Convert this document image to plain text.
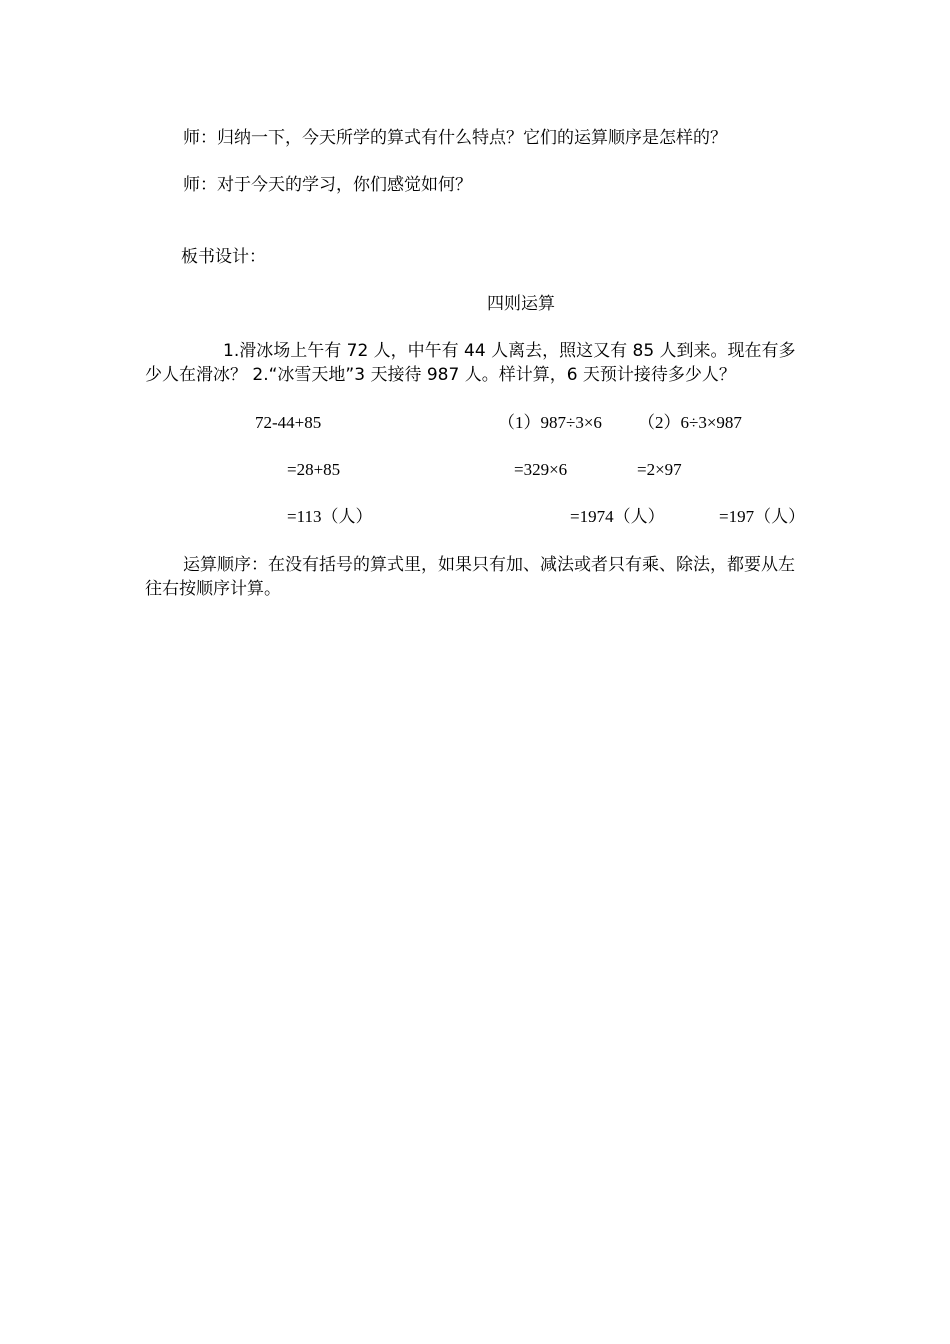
师：归纳一下，今天所学的算式有什么特点？它们的运算顺序是怎样的？
师：对于今天的学习，你们感觉如何？
板书设计：
四则运算
1.滑冰场上午有 72 人，中午有 44 人离去，照这又有 85 人到来。现在有多少人在滑冰？ 2.“冰雪天地”3 天接待 987 人。样计算，6 天预计接待多少人？
72-44+85	（1）987÷3×6 （2）6÷3×987
=28+85	=329×6	=2×97
=113（人）	=1974（人）	=197（人）
运算顺序：在没有括号的算式里，如果只有加、减法或者只有乘、除法，都要从左往右按顺序计算。
